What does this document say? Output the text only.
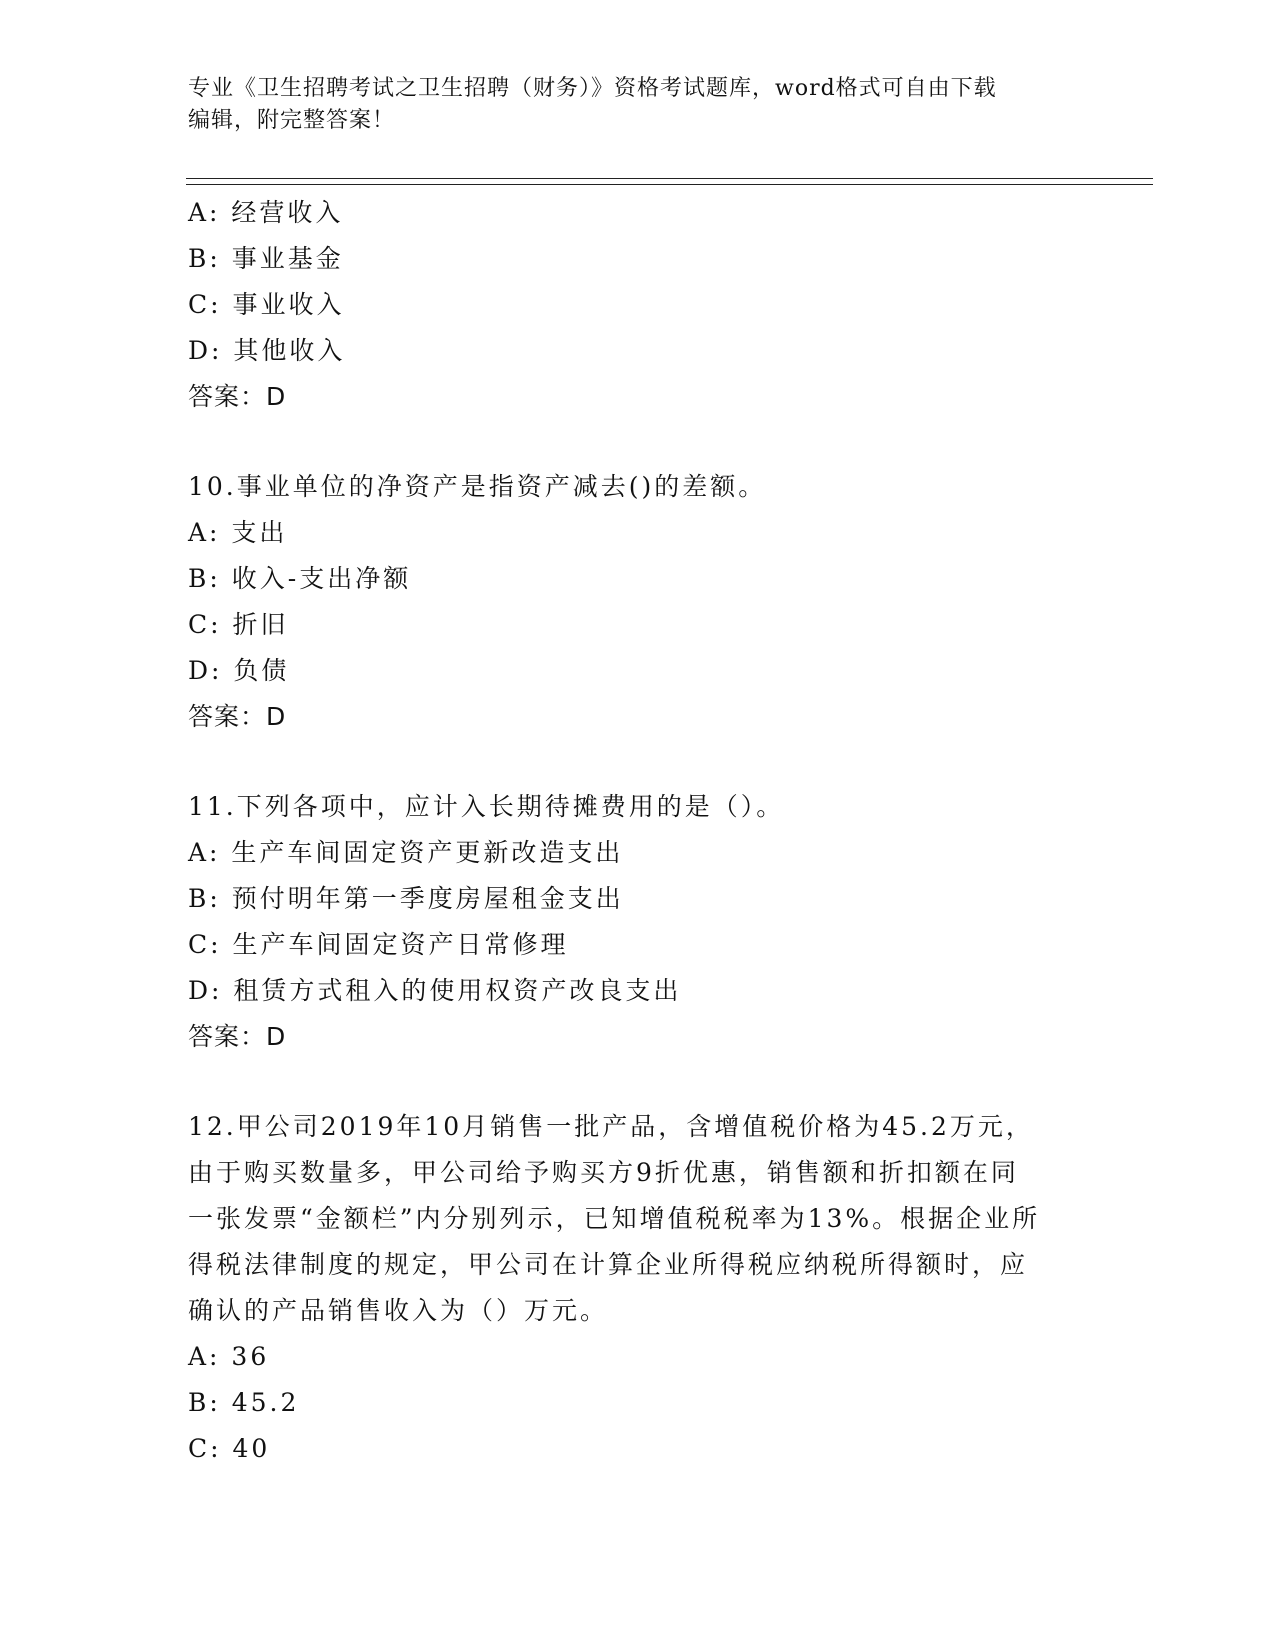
专业《卫生招聘考试之卫生招聘（财务）》资格考试题库，word格式可自由下载
编辑，附完整答案！
A: 经营收入
B: 事业基金
C: 事业收入
D: 其他收入
答案：D
10.事业单位的净资产是指资产减去()的差额。
A: 支出
B: 收入-支出净额
C: 折旧
D: 负债
答案：D
11.下列各项中，应计入长期待摊费用的是（）。
A: 生产车间固定资产更新改造支出
B: 预付明年第一季度房屋租金支出
C: 生产车间固定资产日常修理
D: 租赁方式租入的使用权资产改良支出
答案：D
12.甲公司2019年10月销售一批产品，含增值税价格为45.2万元，
由于购买数量多，甲公司给予购买方9折优惠，销售额和折扣额在同
一张发票“金额栏”内分别列示，已知增值税税率为13%。根据企业所
得税法律制度的规定，甲公司在计算企业所得税应纳税所得额时，应
确认的产品销售收入为（）万元。
A: 36
B: 45.2
C: 40
